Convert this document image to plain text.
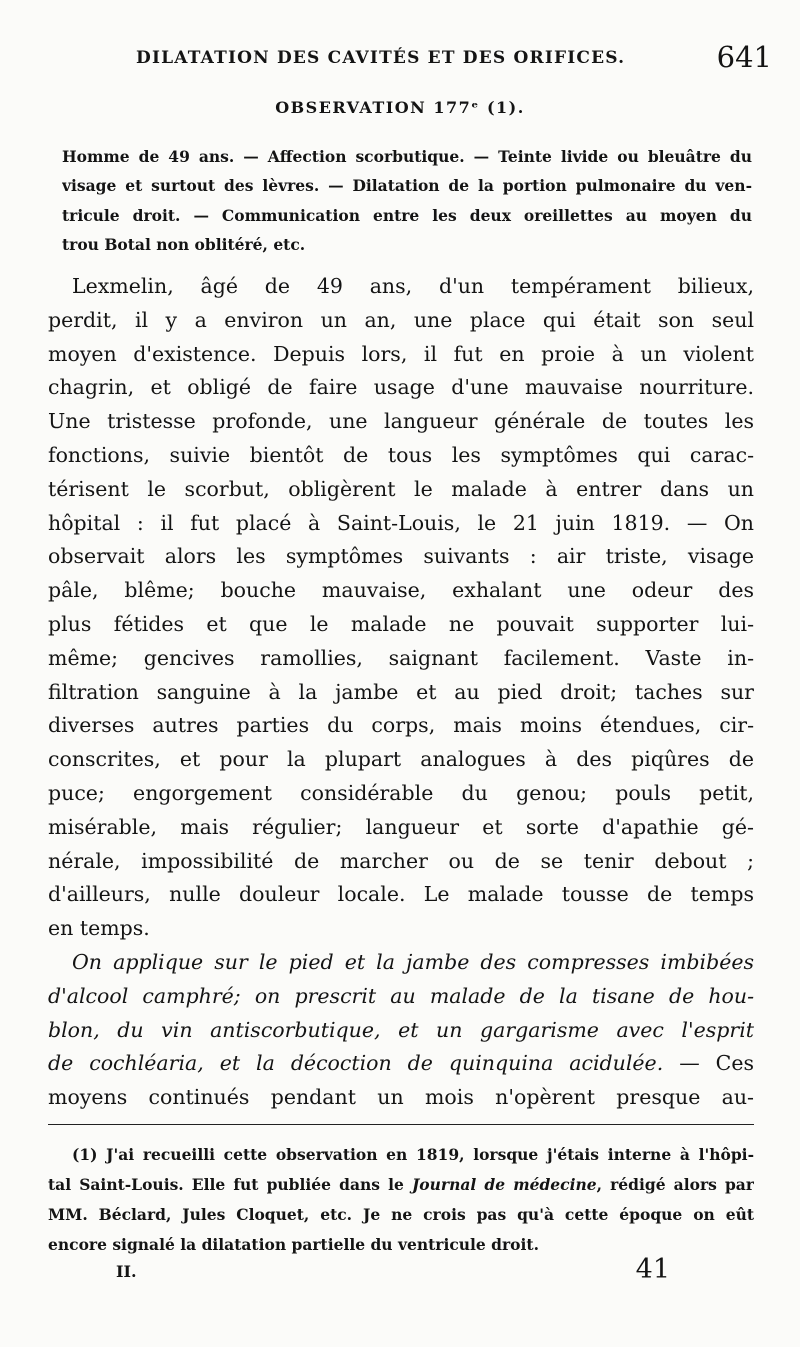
DILATATION DES CAVITÉS ET DES ORIFICES.	641
OBSERVATION 177ᵉ (1).
Homme de 49 ans. — Affection scorbutique. — Teinte livide ou bleuâtre du
visage et surtout des lèvres. — Dilatation de la portion pulmonaire du ven-
tricule droit. — Communication entre les deux oreillettes au moyen du
trou Botal non oblitéré, etc.
Lexmelin, âgé de 49 ans, d'un tempérament bilieux,
perdit, il y a environ un an, une place qui était son seul
moyen d'existence. Depuis lors, il fut en proie à un violent
chagrin, et obligé de faire usage d'une mauvaise nourriture.
Une tristesse profonde, une langueur générale de toutes les
fonctions, suivie bientôt de tous les symptômes qui carac-
térisent le scorbut, obligèrent le malade à entrer dans un
hôpital : il fut placé à Saint-Louis, le 21 juin 1819. — On
observait alors les symptômes suivants : air triste, visage
pâle, blême; bouche mauvaise, exhalant une odeur des
plus fétides et que le malade ne pouvait supporter lui-
même; gencives ramollies, saignant facilement. Vaste in-
filtration sanguine à la jambe et au pied droit; taches sur
diverses autres parties du corps, mais moins étendues, cir-
conscrites, et pour la plupart analogues à des piqûres de
puce; engorgement considérable du genou; pouls petit,
misérable, mais régulier; langueur et sorte d'apathie gé-
nérale, impossibilité de marcher ou de se tenir debout ;
d'ailleurs, nulle douleur locale. Le malade tousse de temps
en temps.
On applique sur le pied et la jambe des compresses imbibées
d'alcool camphré; on prescrit au malade de la tisane de hou-
blon, du vin antiscorbutique, et un gargarisme avec l'esprit
de cochléaria, et la décoction de quinquina acidulée. — Ces
moyens continués pendant un mois n'opèrent presque au-
(1) J'ai recueilli cette observation en 1819, lorsque j'étais interne à l'hôpi-
tal Saint-Louis. Elle fut publiée dans le Journal de médecine, rédigé alors par
MM. Béclard, Jules Cloquet, etc. Je ne crois pas qu'à cette époque on eût
encore signalé la dilatation partielle du ventricule droit.
II.	41
